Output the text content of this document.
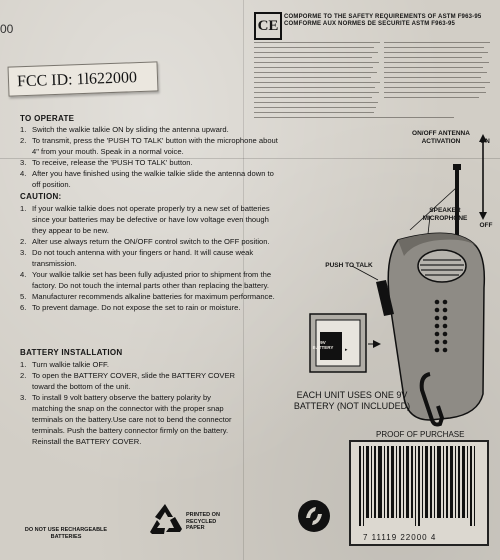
00
FCC ID: 1l622000
CE
COMPORME TO THE SAFETY REQUIREMENTS OF ASTM F963-95
COMFORME AUX NORMES DE SECURITE ASTM F963-95
TO OPERATE
1. Switch the walkie talkie ON by sliding the antenna upward.
2. To transmit, press the 'PUSH TO TALK' button with the microphone about 4" from your mouth. Speak in a normal voice.
3. To receive, release the 'PUSH TO TALK' button.
4. After you have finished using the walkie talkie slide the antenna down to off position.
CAUTION:
1. If your walkie talkie does not operate properly try a new set of batteries since your batteries may be defective or have low voltage even though they appear to be new.
2. Alter use always return the ON/OFF control switch to the OFF position.
3. Do not touch antenna with your fingers or hand. It will cause weak transmission.
4. Your walkie talkie set has been fully adjusted prior to shipment from the factory. Do not touch the internal parts other than replacing the battery.
5. Manufacturer recommends alkaline batteries for maximum performance.
6. To prevent damage. Do not expose the set to rain or moisture.
BATTERY INSTALLATION
1. Turn walkie talkie OFF.
2. To open the BATTERY COVER, slide the BATTERY COVER toward the bottom of the unit.
3. To install 9 volt battery observe the battery polarity by matching the snap on the connector with the proper snap terminals on the battery.Use care not to bend the connector terminals. Push the battery connector firmly on the battery. Reinstall the BATTERY COVER.
▸
ON/OFF ANTENNA ACTIVATION	ON
OFF
SPEAKER MICROPHONE
PUSH TO TALK
9V BATTERY
EACH UNIT USES ONE 9V BATTERY (NOT INCLUDED)
PROOF OF PURCHASE
7 11119 22000 4
DO NOT USE RECHARGEABLE BATTERIES
PRINTED ON RECYCLED PAPER
